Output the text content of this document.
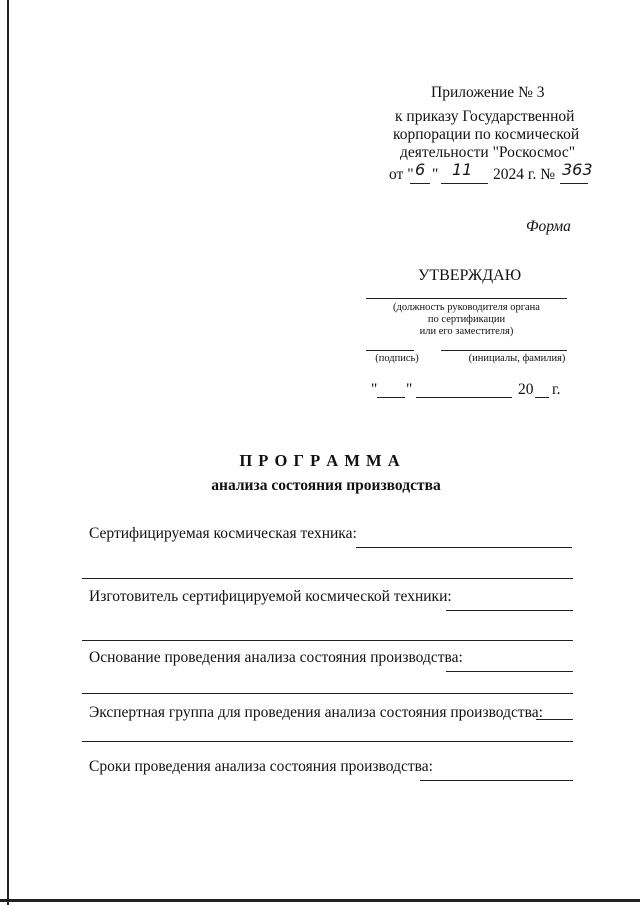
Приложение № 3
к приказу Государственной
корпорации по космической
деятельности "Роскосмос"
от " 6 " 11 2024 г. № 363
Форма
УТВЕРЖДАЮ
(должность руководителя органа
по сертификации
или его заместителя)
(подпись)	(инициалы, фамилия)
" "	20 г.
П Р О Г Р А М М А
анализа состояния производства
Сертифицируемая космическая техника:
Изготовитель сертифицируемой космической техники:
Основание проведения анализа состояния производства:
Экспертная группа для проведения анализа состояния производства:
Сроки проведения анализа состояния производства:
